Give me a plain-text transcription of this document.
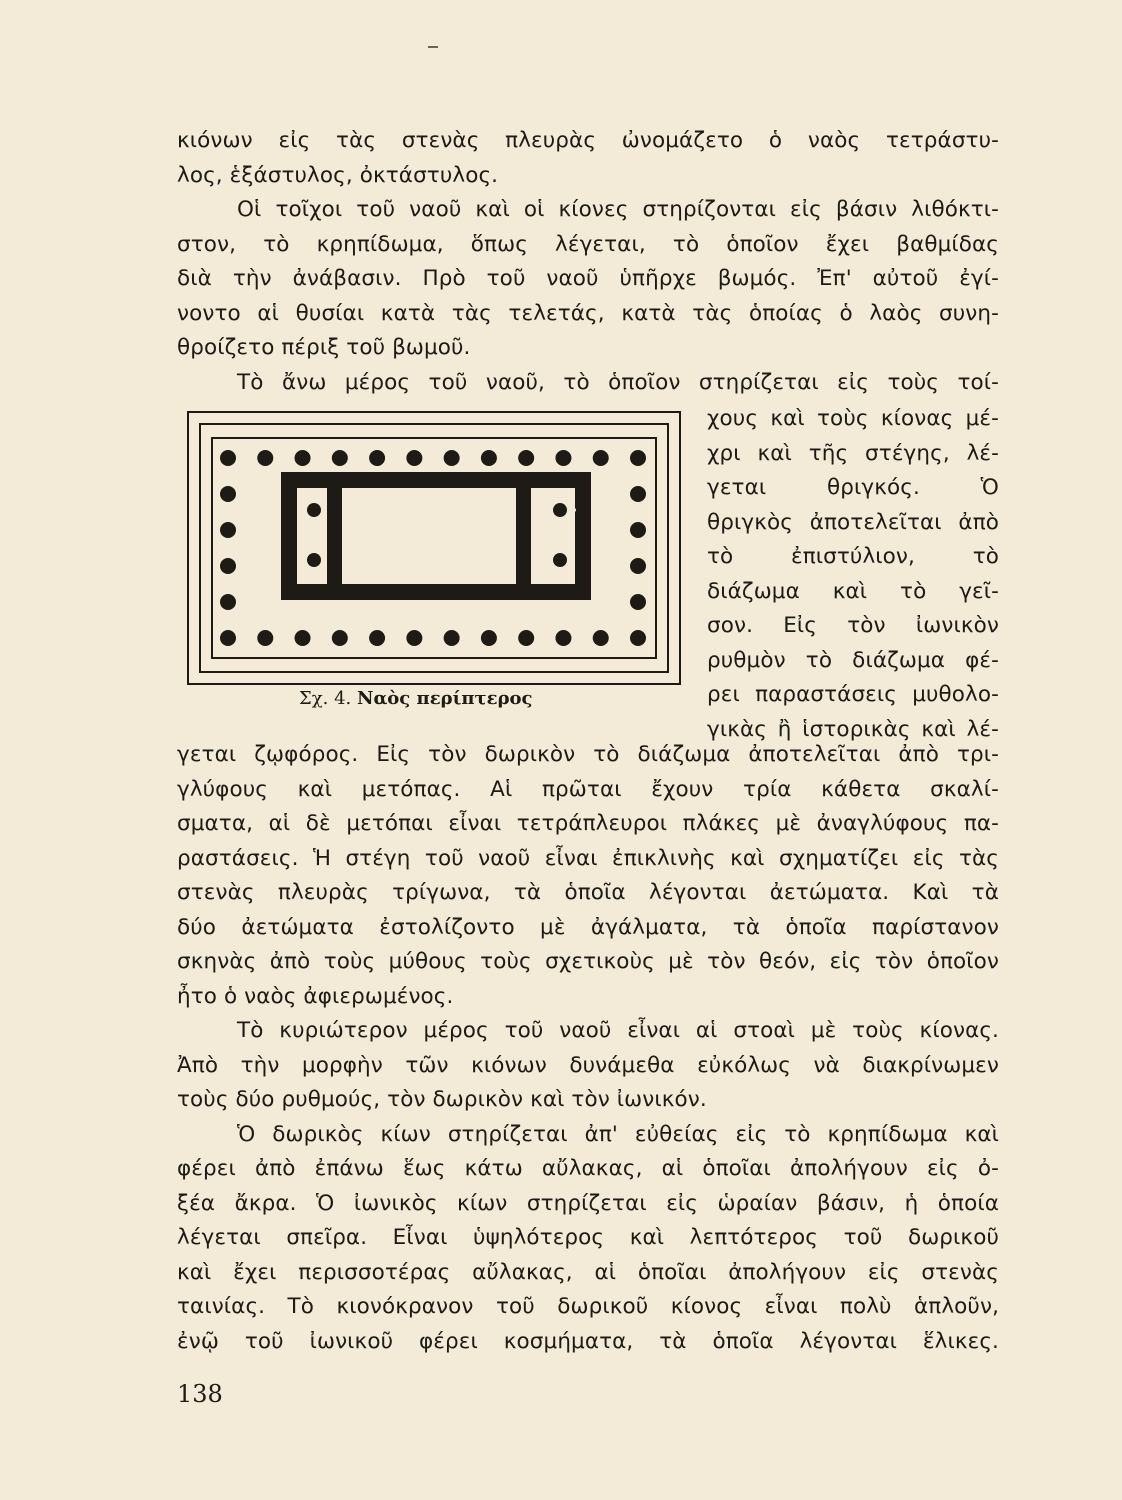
κιόνων εἰς τὰς στενὰς πλευρὰς ὠνομάζετο ὁ ναὸς τετράστυ-
λος, ἑξάστυλος, ὀκτάστυλος.
Οἱ τοῖχοι τοῦ ναοῦ καὶ οἱ κίονες στηρίζονται εἰς βάσιν λιθόκτι-
στον, τὸ κρηπίδωμα, ὅπως λέγεται, τὸ ὁποῖον ἔχει βαθμίδας
διὰ τὴν ἀνάβασιν. Πρὸ τοῦ ναοῦ ὑπῆρχε βωμός. Ἐπ' αὐτοῦ ἐγί-
νοντο αἱ θυσίαι κατὰ τὰς τελετάς, κατὰ τὰς ὁποίας ὁ λαὸς συνη-
θροίζετο πέριξ τοῦ βωμοῦ.
Τὸ ἄνω μέρος τοῦ ναοῦ, τὸ ὁποῖον στηρίζεται εἰς τοὺς τοί-
Σχ. 4. Ναὸς περίπτερος
χους καὶ τοὺς κίονας μέ-
χρι καὶ τῆς στέγης, λέ-
γεται θριγκός. Ὁ
θριγκὸς ἀποτελεῖται ἀπὸ
τὸ ἐπιστύλιον, τὸ
διάζωμα καὶ τὸ γεῖ-
σον. Εἰς τὸν ἰωνικὸν
ρυθμὸν τὸ διάζωμα φέ-
ρει παραστάσεις μυθολο-
γικὰς ἢ ἱστορικὰς καὶ λέ-
γεται ζῳφόρος. Εἰς τὸν δωρικὸν τὸ διάζωμα ἀποτελεῖται ἀπὸ τρι-
γλύφους καὶ μετόπας. Αἱ πρῶται ἔχουν τρία κάθετα σκαλί-
σματα, αἱ δὲ μετόπαι εἶναι τετράπλευροι πλάκες μὲ ἀναγλύφους πα-
ραστάσεις. Ἡ στέγη τοῦ ναοῦ εἶναι ἐπικλινὴς καὶ σχηματίζει εἰς τὰς
στενὰς πλευρὰς τρίγωνα, τὰ ὁποῖα λέγονται ἀετώματα. Καὶ τὰ
δύο ἀετώματα ἐστολίζοντο μὲ ἀγάλματα, τὰ ὁποῖα παρίστανον
σκηνὰς ἀπὸ τοὺς μύθους τοὺς σχετικοὺς μὲ τὸν θεόν, εἰς τὸν ὁποῖον
ἦτο ὁ ναὸς ἀφιερωμένος.
Τὸ κυριώτερον μέρος τοῦ ναοῦ εἶναι αἱ στοαὶ μὲ τοὺς κίονας.
Ἀπὸ τὴν μορφὴν τῶν κιόνων δυνάμεθα εὐκόλως νὰ διακρίνωμεν
τοὺς δύο ρυθμούς, τὸν δωρικὸν καὶ τὸν ἰωνικόν.
Ὁ δωρικὸς κίων στηρίζεται ἀπ' εὐθείας εἰς τὸ κρηπίδωμα καὶ
φέρει ἀπὸ ἐπάνω ἕως κάτω αὔλακας, αἱ ὁποῖαι ἀπολήγουν εἰς ὀ-
ξέα ἄκρα. Ὁ ἰωνικὸς κίων στηρίζεται εἰς ὡραίαν βάσιν, ἡ ὁποία
λέγεται σπεῖρα. Εἶναι ὑψηλότερος καὶ λεπτότερος τοῦ δωρικοῦ
καὶ ἔχει περισσοτέρας αὔλακας, αἱ ὁποῖαι ἀπολήγουν εἰς στενὰς
ταινίας. Τὸ κιονόκρανον τοῦ δωρικοῦ κίονος εἶναι πολὺ ἁπλοῦν,
ἐνῷ τοῦ ἰωνικοῦ φέρει κοσμήματα, τὰ ὁποῖα λέγονται ἕλικες.
138
